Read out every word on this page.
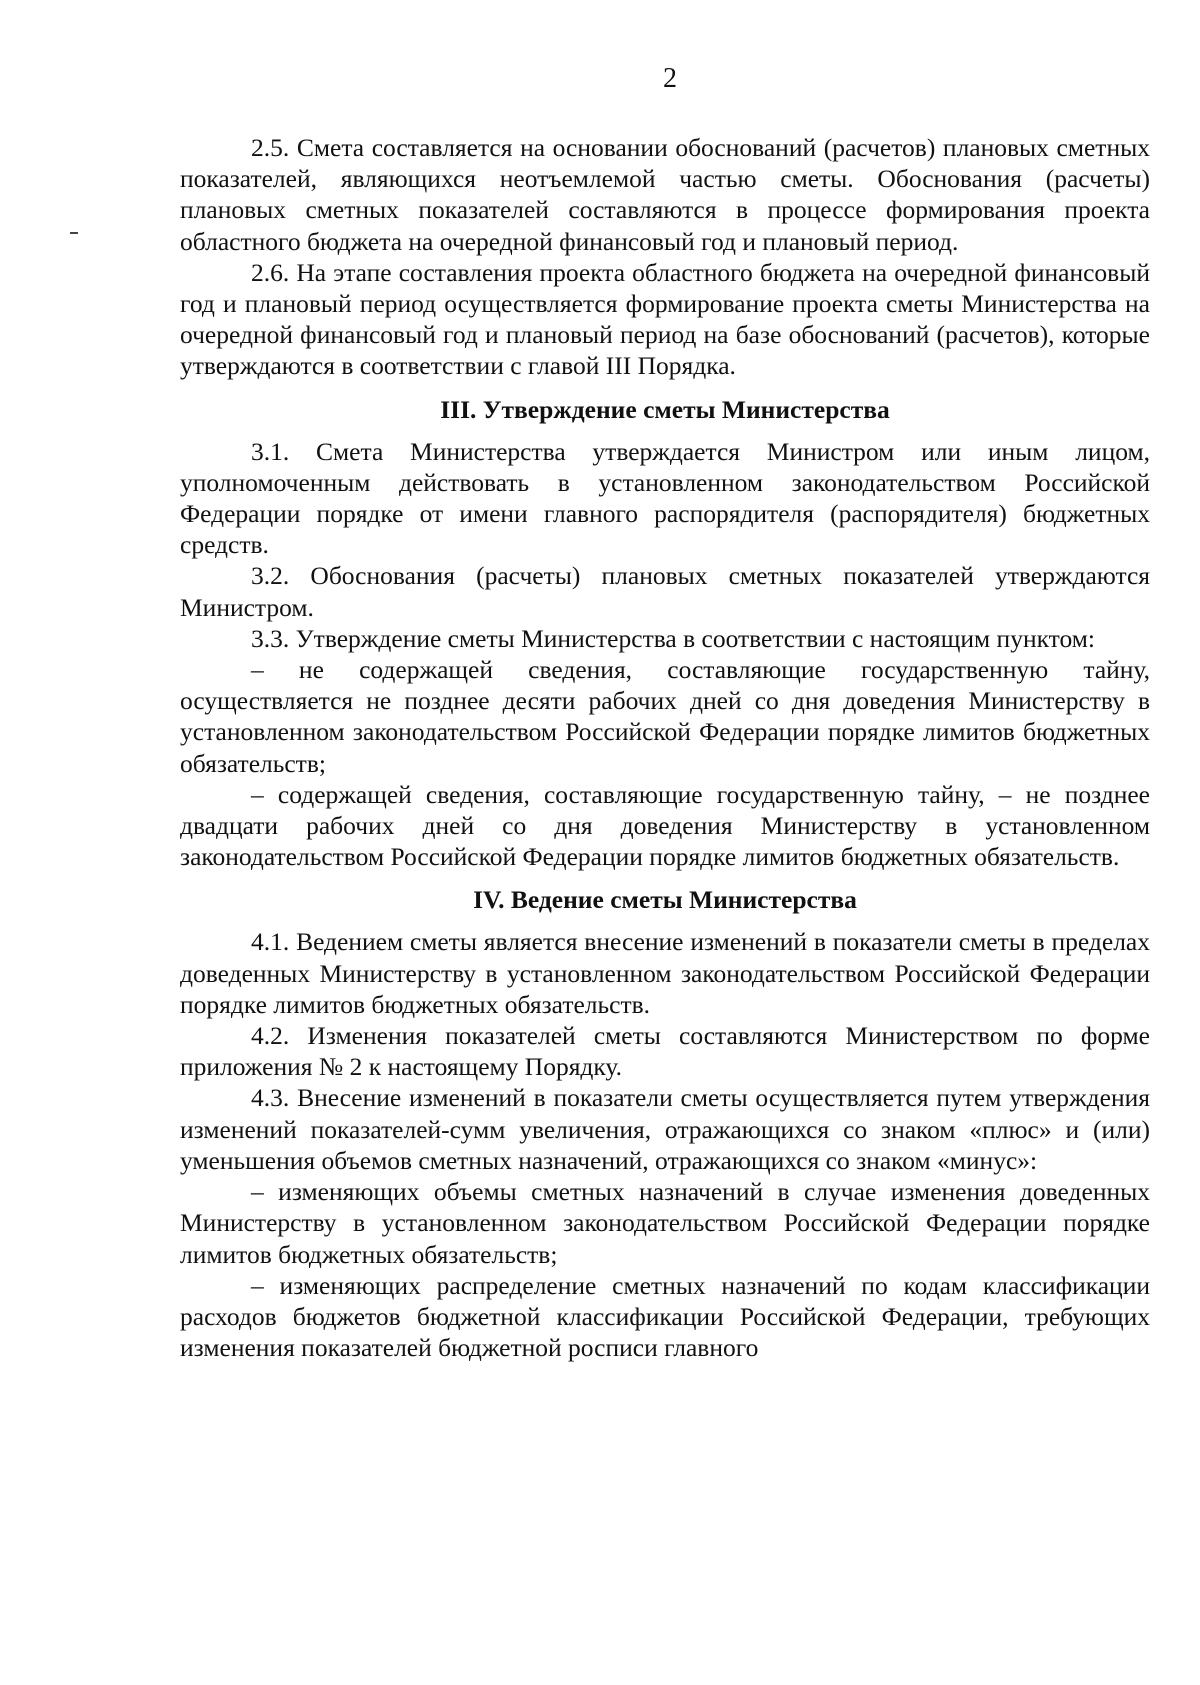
2

2.5. Смета составляется на основании обоснований (расчетов) плановых сметных показателей, являющихся неотъемлемой частью сметы. Обоснования (расчеты) плановых сметных показателей составляются в процессе формирования проекта областного бюджета на очередной финансовый год и плановый период.

2.6. На этапе составления проекта областного бюджета на очередной финансовый год и плановый период осуществляется формирование проекта сметы Министерства на очередной финансовый год и плановый период на базе обоснований (расчетов), которые утверждаются в соответствии с главой III Порядка.

III. Утверждение сметы Министерства

3.1. Смета Министерства утверждается Министром или иным лицом, уполномоченным действовать в установленном законодательством Российской Федерации порядке от имени главного распорядителя (распорядителя) бюджетных средств.

3.2. Обоснования (расчеты) плановых сметных показателей утверждаются Министром.

3.3. Утверждение сметы Министерства в соответствии с настоящим пунктом:

– не содержащей сведения, составляющие государственную тайну, осуществляется не позднее десяти рабочих дней со дня доведения Министерству в установленном законодательством Российской Федерации порядке лимитов бюджетных обязательств;

– содержащей сведения, составляющие государственную тайну, – не позднее двадцати рабочих дней со дня доведения Министерству в установленном законодательством Российской Федерации порядке лимитов бюджетных обязательств.

IV. Ведение сметы Министерства

4.1. Ведением сметы является внесение изменений в показатели сметы в пределах доведенных Министерству в установленном законодательством Российской Федерации порядке лимитов бюджетных обязательств.

4.2. Изменения показателей сметы составляются Министерством по форме приложения № 2 к настоящему Порядку.

4.3. Внесение изменений в показатели сметы осуществляется путем утверждения изменений показателей-сумм увеличения, отражающихся со знаком «плюс» и (или) уменьшения объемов сметных назначений, отражающихся со знаком «минус»:

– изменяющих объемы сметных назначений в случае изменения доведенных Министерству в установленном законодательством Российской Федерации порядке лимитов бюджетных обязательств;

– изменяющих распределение сметных назначений по кодам классификации расходов бюджетов бюджетной классификации Российской Федерации, требующих изменения показателей бюджетной росписи главного
